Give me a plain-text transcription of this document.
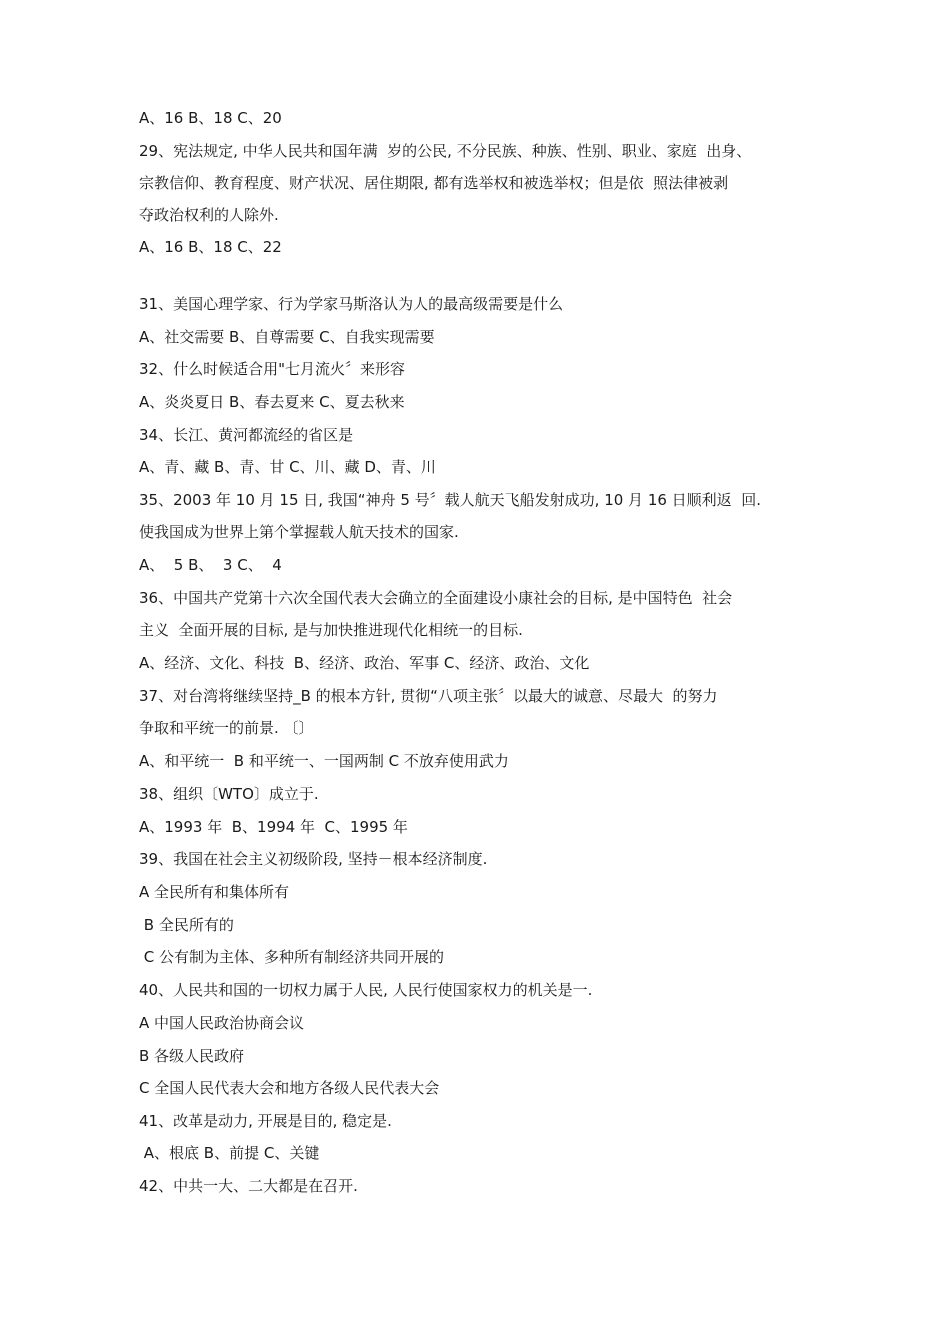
A、16 B、18 C、20
29、宪法规定, 中华人民共和国年满  岁的公民, 不分民族、种族、性别、职业、家庭  出身、
宗教信仰、教育程度、财产状况、居住期限, 都有选举权和被选举权；但是依  照法律被剥
夺政治权利的人除外.
A、16 B、18 C、22
31、美国心理学家、行为学家马斯洛认为人的最高级需要是什么
A、社交需要 B、自尊需要 C、自我实现需要
32、什么时候适合用"七月流火〞来形容
A、炎炎夏日 B、春去夏来 C、夏去秋来
34、长江、黄河都流经的省区是
A、青、藏 B、青、甘 C、川、藏 D、青、川
35、2003 年 10 月 15 日, 我国“神舟 5 号〞载人航天飞船发射成功, 10 月 16 日顺利返  回.
使我国成为世界上第个掌握载人航天技术的国家.
A、  5 B、  3 C、  4
36、中国共产党第十六次全国代表大会确立的全面建设小康社会的目标, 是中国特色  社会
主义  全面开展的目标, 是与加快推进现代化相统一的目标.
A、经济、文化、科技  B、经济、政治、军事 C、经济、政治、文化
37、对台湾将继续坚持_B 的根本方针, 贯彻“八项主张〞以最大的诚意、尽最大  的努力
争取和平统一的前景. 〔〕
A、和平统一  B 和平统一、一国两制 C 不放弃使用武力
38、组织〔WTO〕成立于.
A、1993 年  B、1994 年  C、1995 年
39、我国在社会主义初级阶段, 坚持－根本经济制度.
A 全民所有和集体所有
B 全民所有的
C 公有制为主体、多种所有制经济共同开展的
40、人民共和国的一切权力属于人民, 人民行使国家权力的机关是一.
A 中国人民政治协商会议
B 各级人民政府
C 全国人民代表大会和地方各级人民代表大会
41、改革是动力, 开展是目的, 稳定是.
A、根底 B、前提 C、关键
42、中共一大、二大都是在召开.
